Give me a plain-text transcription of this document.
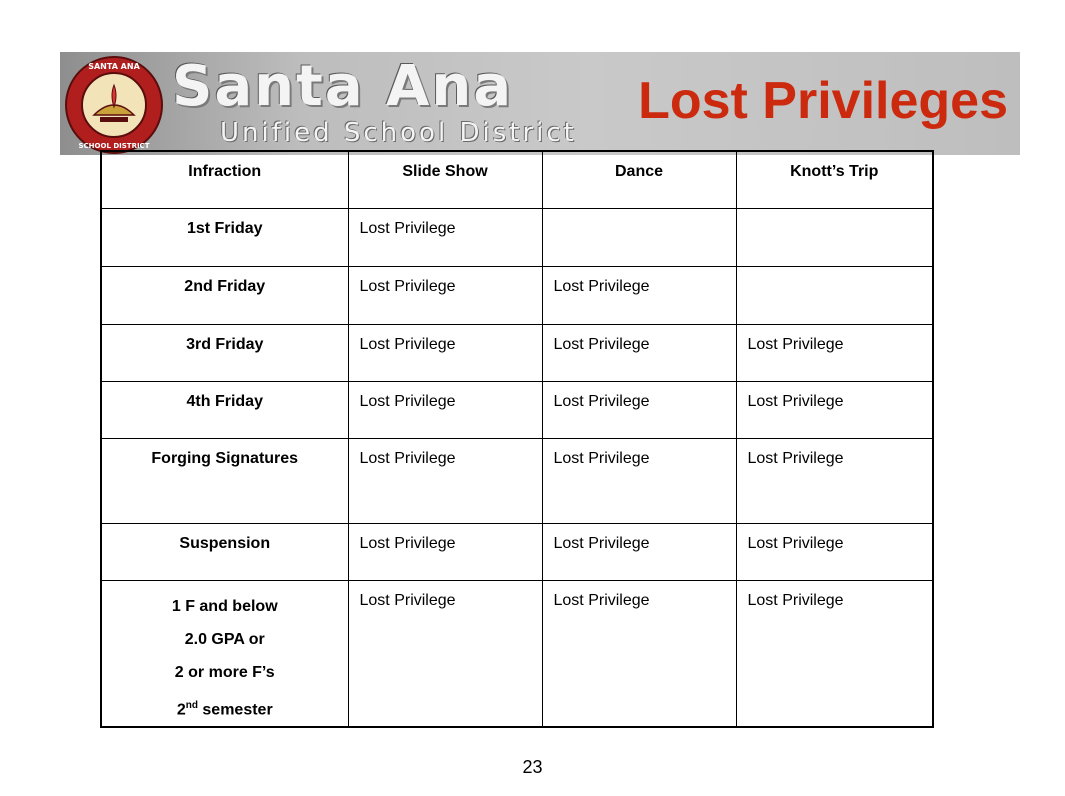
SANTA ANA
SCHOOL DISTRICT
Santa Ana
Unified School District
Lost Privileges
Infraction	Slide Show	Dance	Knott’s Trip
1st Friday	Lost Privilege		
2nd Friday	Lost Privilege	Lost Privilege	
3rd Friday	Lost Privilege	Lost Privilege	Lost Privilege
4th Friday	Lost Privilege	Lost Privilege	Lost Privilege
Forging Signatures	Lost Privilege	Lost Privilege	Lost Privilege
Suspension	Lost Privilege	Lost Privilege	Lost Privilege

1 F and below
2.0 GPA or
2 or more F’s
2nd semester	Lost Privilege	Lost Privilege	Lost Privilege
23
